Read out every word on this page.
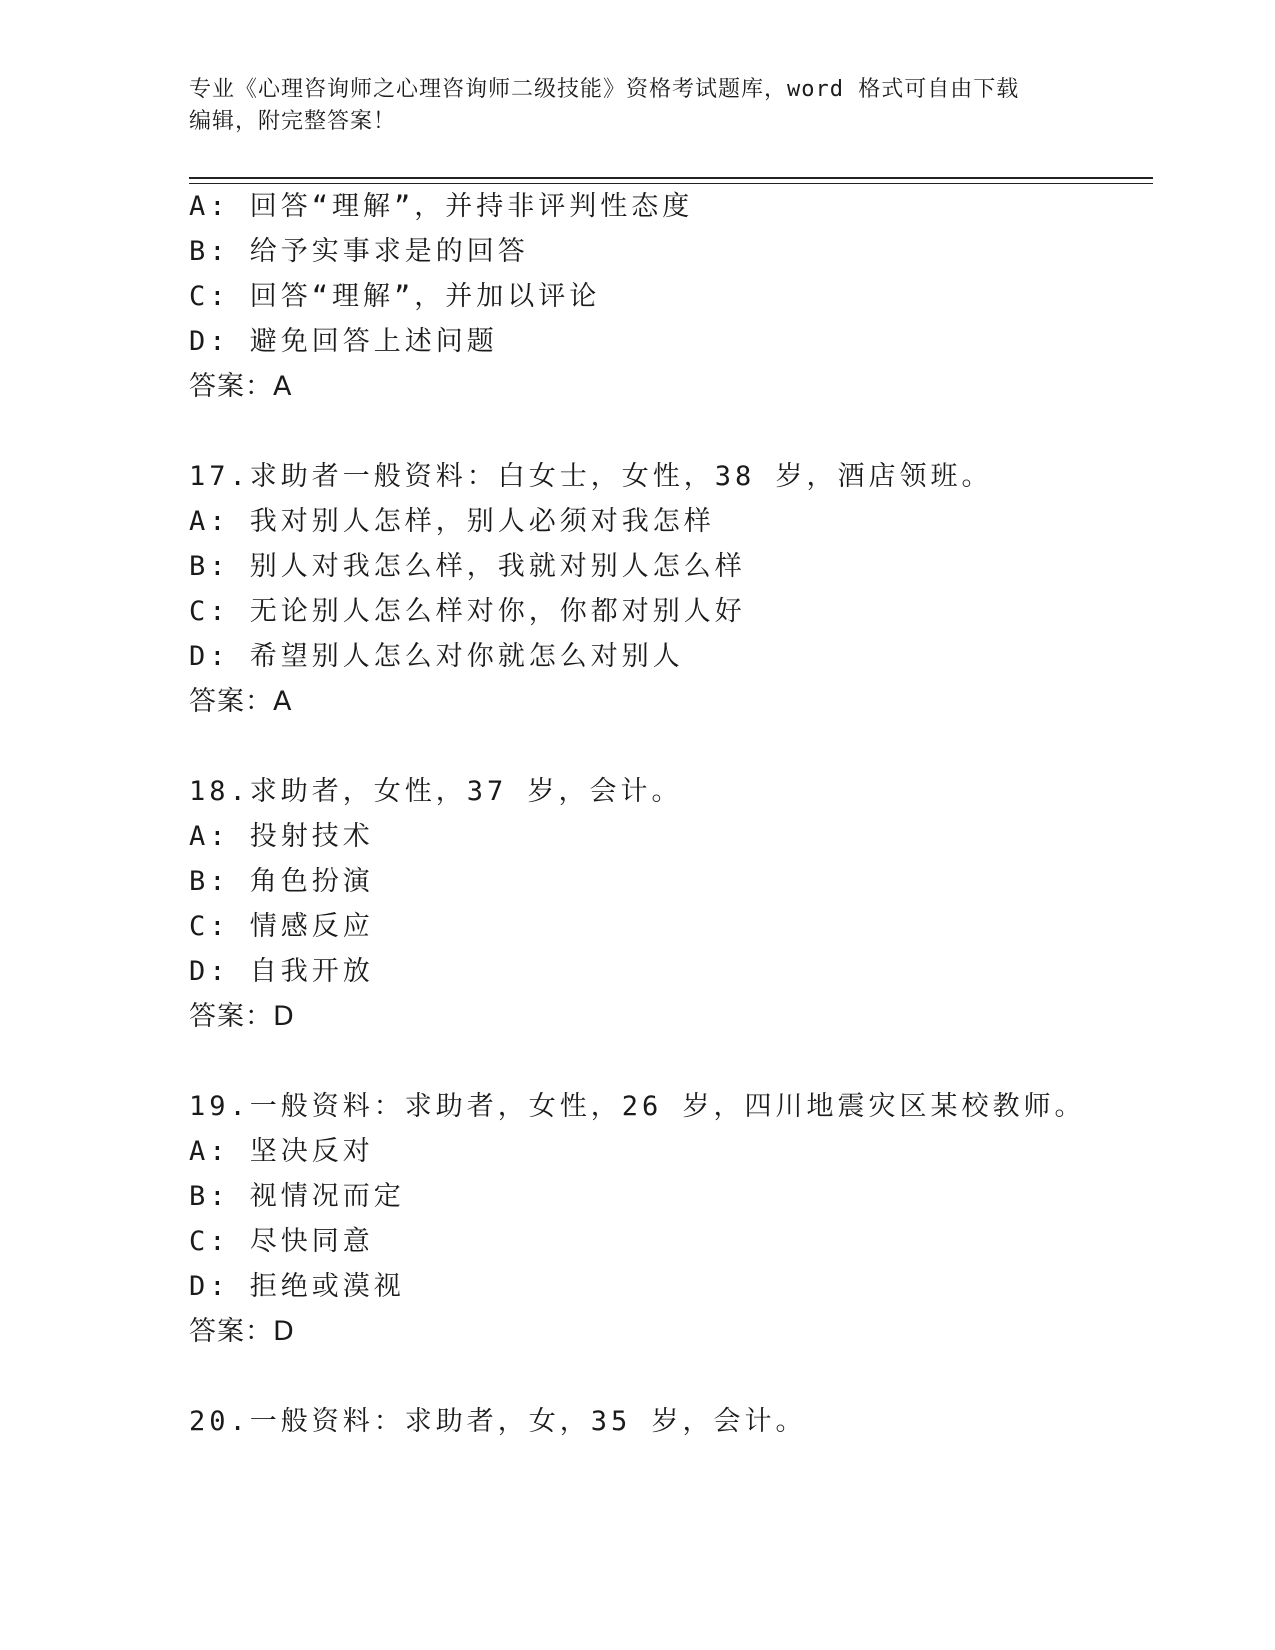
专业《心理咨询师之心理咨询师二级技能》资格考试题库，word 格式可自由下载
编辑，附完整答案！
A: 回答“理解”，并持非评判性态度
B: 给予实事求是的回答
C: 回答“理解”，并加以评论
D: 避免回答上述问题
答案：A
17.求助者一般资料：白女士，女性，38 岁，酒店领班。
A: 我对别人怎样，别人必须对我怎样
B: 别人对我怎么样，我就对别人怎么样
C: 无论别人怎么样对你，你都对别人好
D: 希望别人怎么对你就怎么对别人
答案：A
18.求助者，女性，37 岁，会计。
A: 投射技术
B: 角色扮演
C: 情感反应
D: 自我开放
答案：D
19.一般资料：求助者，女性，26 岁，四川地震灾区某校教师。
A: 坚决反对
B: 视情况而定
C: 尽快同意
D: 拒绝或漠视
答案：D
20.一般资料：求助者，女，35 岁，会计。
